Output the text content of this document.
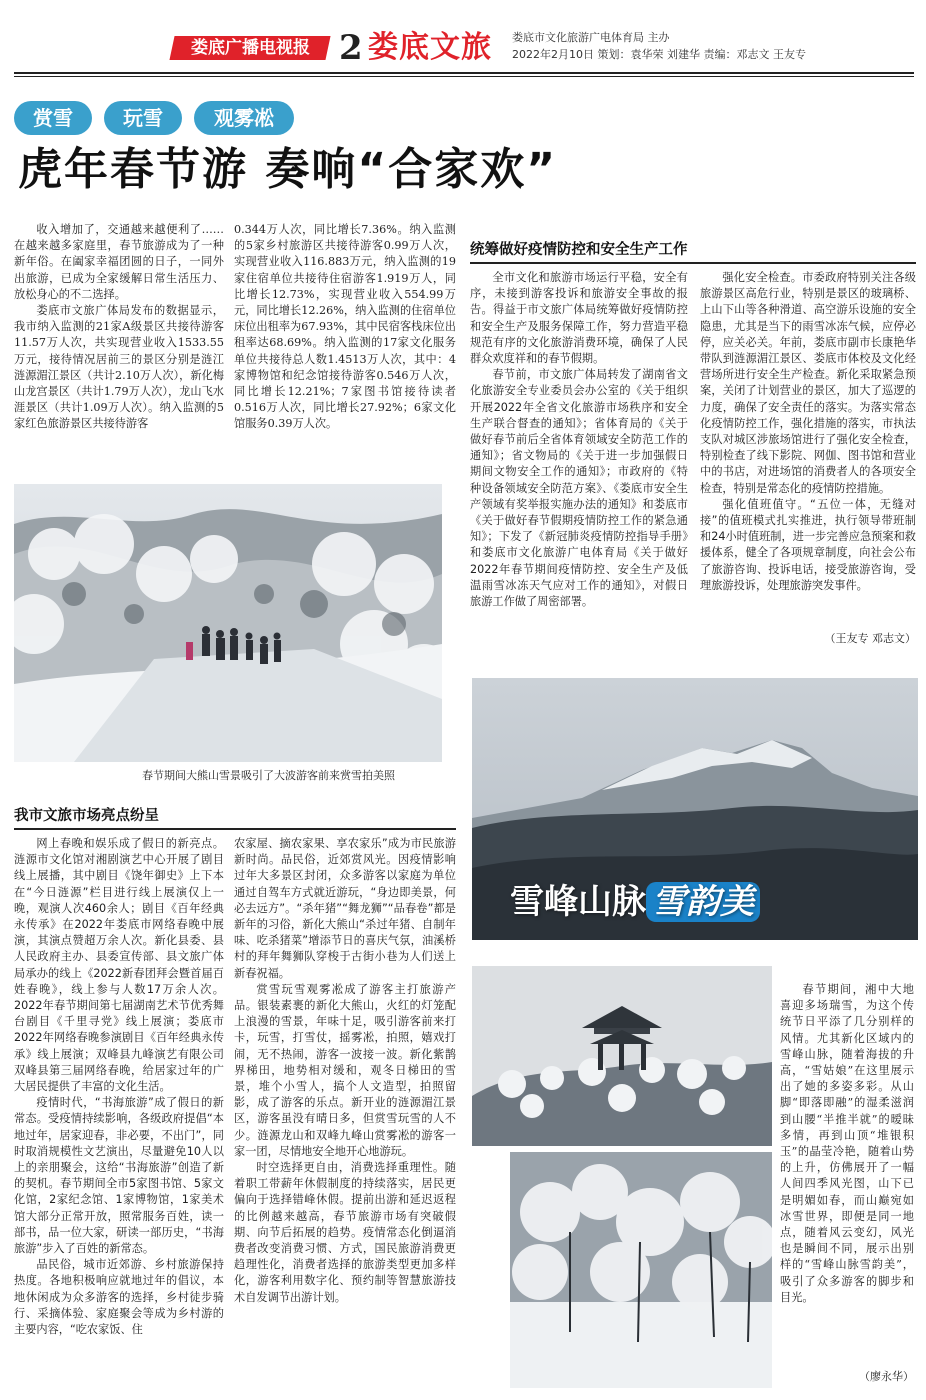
娄底广播电视报 2 娄底文旅 娄底市文化旅游广电体育局 主办
2022年2月10日 策划：袁华荣 刘建华 责编：邓志文 王友专
赏雪	玩雪	观雾凇
虎年春节游 奏响“合家欢”

收入增加了，交通越来越便利了……在越来越多家庭里，春节旅游成为了一种新年俗。在阖家幸福团圆的日子，一同外出旅游，已成为全家缓解日常生活压力、放松身心的不二选择。

娄底市文旅广体局发布的数据显示，我市纳入监测的21家A级景区共接待游客11.57万人次，共实现营业收入1533.55万元，接待情况居前三的景区分别是涟江涟源湄江景区（共计2.10万人次），新化梅山龙宫景区（共计1.79万人次），龙山飞水涯景区（共计1.09万人次）。纳入监测的5家红色旅游景区共接待游客

0.344万人次，同比增长7.36%。纳入监测的5家乡村旅游区共接待游客0.99万人次，实现营业收入116.883万元，纳入监测的19家住宿单位共接待住宿游客1.919万人，同比增长12.73%，实现营业收入554.99万元，同比增长12.26%，纳入监测的住宿单位床位出租率为67.93%，其中民宿客栈床位出租率达68.69%。纳入监测的17家文化服务单位共接待总人数1.4513万人次，其中：4家博物馆和纪念馆接待游客0.546万人次，同比增长12.21%；7家图书馆接待读者0.516万人次，同比增长27.92%；6家文化馆服务0.39万人次。

统筹做好疫情防控和安全生产工作

全市文化和旅游市场运行平稳，安全有序，未接到游客投诉和旅游安全事故的报告。得益于市文旅广体局统筹做好疫情防控和安全生产及服务保障工作，努力营造平稳规范有序的文化旅游消费环境，确保了人民群众欢度祥和的春节假期。

春节前，市文旅广体局转发了湖南省文化旅游安全专业委员会办公室的《关于组织开展2022年全省文化旅游市场秩序和安全生产联合督查的通知》；省体育局的《关于做好春节前后全省体育领域安全防范工作的通知》；省文物局的《关于进一步加强假日期间文物安全工作的通知》；市政府的《特种设备领域安全防范方案》、《娄底市安全生产领域有奖举报实施办法的通知》和娄底市《关于做好春节假期疫情防控工作的紧急通知》；下发了《新冠肺炎疫情防控指导手册》和娄底市文化旅游广电体育局《关于做好2022年春节期间疫情防控、安全生产及低温雨雪冰冻天气应对工作的通知》，对假日旅游工作做了周密部署。

强化安全检查。市委政府特别关注各级旅游景区高危行业，特别是景区的玻璃桥、上山下山等各种滑道、高空游乐设施的安全隐患，尤其是当下的雨雪冰冻气候，应停必停，应关必关。年前，娄底市副市长康艳华带队到涟源湄江景区、娄底市体校及文化经营场所进行安全生产检查。新化采取紧急预案，关闭了计划营业的景区，加大了巡逻的力度，确保了安全责任的落实。为落实常态化疫情防控工作，强化措施的落实，市执法支队对城区涉旅场馆进行了强化安全检查，特别检查了线下影院、网伽、图书馆和营业中的书店，对进场馆的消费者人的各项安全检查，特别是常态化的疫情防控措施。

强化值班值守。“五位一体，无缝对接”的值班模式扎实推进，执行领导带班制和24小时值班制，进一步完善应急预案和救援体系，健全了各项规章制度，向社会公布了旅游咨询、投诉电话，接受旅游咨询，受理旅游投诉，处理旅游突发事件。

（王友专 邓志文）
春节期间大熊山雪景吸引了大波游客前来赏雪拍美照
我市文旅市场亮点纷呈

网上春晚和娱乐成了假日的新亮点。涟源市文化馆对湘剧演艺中心开展了剧目线上展播，其中剧目《饶年御史》上下本在“今日涟源”栏目进行线上展演仅上一晚，观演人次460余人；剧目《百年经典永传承》在2022年娄底市网络春晚中展演，其演点赞超万余人次。新化县委、县人民政府主办、县委宣传部、县文旅广体局承办的线上《2022新春团拜会暨首届百姓春晚》，线上参与人数17万余人次。2022年春节期间第七届湖南艺术节优秀舞台剧目《千里寻党》线上展演；娄底市2022年网络春晚参演剧目《百年经典永传承》线上展演；双峰县九峰演艺有限公司双峰县第三届网络春晚，给居家过年的广大居民提供了丰富的文化生活。

疫情时代，“书海旅游”成了假日的新常态。受疫情持续影响，各级政府提倡“本地过年，居家迎春，非必要，不出门”，同时取消规模性文艺演出，尽量避免10人以上的亲朋聚会，这给“书海旅游”创造了新的契机。春节期间全市5家图书馆、5家文化馆，2家纪念馆、1家博物馆，1家美术馆大部分正常开放，照常服务百姓，读一部书，品一位大家，研读一部历史，“书海旅游”步入了百姓的新常态。

品民俗，城市近郊游、乡村旅游保持热度。各地积极响应就地过年的倡议，本地休闲成为众多游客的选择，乡村徒步骑行、采摘体验、家庭聚会等成为乡村游的主要内容，“吃农家饭、住

农家屋、摘农家果、享农家乐”成为市民旅游新时尚。品民俗，近郊赏风光。因疫情影响过年大多景区封闭，众多游客以家庭为单位通过自驾车方式就近游玩，“身边即美景，何必去远方”。“杀年猪”“舞龙狮”“品春卷”都是新年的习俗，新化大熊山“杀过年猪、自制年味、吃杀猪菜”增添节日的喜庆气氛，油溪桥村的拜年舞狮队穿梭于古街小巷为人们送上新春祝福。

赏雪玩雪观雾凇成了游客主打旅游产品。银装素裹的新化大熊山，火红的灯笼配上浪漫的雪景，年味十足，吸引游客前来打卡，玩雪，打雪仗，摇雾凇，拍照，嬉戏打闹，无不热闹，游客一波接一波。新化紫鹊界梯田，地势相对缓和，观冬日梯田的雪景，堆个小雪人，搞个人文造型，拍照留影，成了游客的乐点。新开业的涟源湄江景区，游客虽没有晴日多，但赏雪玩雪的人不少。涟源龙山和双峰九峰山赏雾凇的游客一家一团，尽情地安全地开心地游玩。

时空选择更自由，消费选择重理性。随着职工带薪年休假制度的持续落实，居民更偏向于选择错峰休假。提前出游和延迟返程的比例越来越高，春节旅游市场有突破假期、向节后拓展的趋势。疫情常态化倒逼消费者改变消费习惯、方式，国民旅游消费更趋理性化，消费者选择的旅游类型更加多样化，游客利用数字化、预约制等智慧旅游技术自发调节出游计划。

雪峰山脉 雪韵美

春节期间，湘中大地喜迎多场瑞雪，为这个传统节日平添了几分别样的风情。尤其新化区域内的雪峰山脉，随着海拔的升高，“雪姑娘”在这里展示出了她的多姿多彩。从山脚“即落即融”的湿柔滋润到山腰“半推半就”的暧昧多情，再到山顶“堆银积玉”的晶莹冷艳，随着山势的上升，仿佛展开了一幅人间四季风光图，山下已是明媚如春，而山巅宛如冰雪世界，即便是同一地点，随着风云变幻，风光也是瞬间不同，展示出别样的“雪峰山脉雪韵美”，吸引了众多游客的脚步和目光。

（廖永华）
